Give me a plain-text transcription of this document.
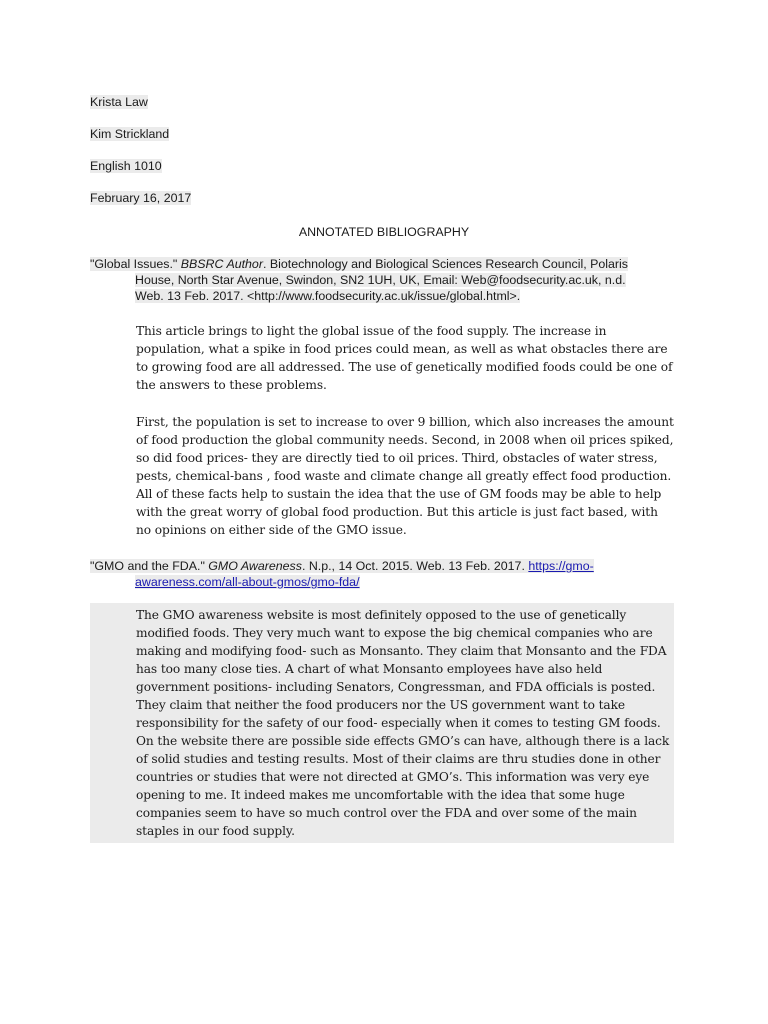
Krista Law
Kim Strickland
English 1010
February 16, 2017
ANNOTATED BIBLIOGRAPHY
"Global Issues." BBSRC Author. Biotechnology and Biological Sciences Research Council, Polaris
House, North Star Avenue, Swindon, SN2 1UH, UK, Email: Web@foodsecurity.ac.uk, n.d.
Web. 13 Feb. 2017. <http://www.foodsecurity.ac.uk/issue/global.html>.
This article brings to light the global issue of the food supply. The increase in population, what a spike in food prices could mean, as well as what obstacles there are to growing food are all addressed. The use of genetically modified foods could be one of the answers to these problems.
First, the population is set to increase to over 9 billion, which also increases the amount of food production the global community needs. Second, in 2008 when oil prices spiked, so did food prices- they are directly tied to oil prices. Third, obstacles of water stress, pests, chemical-bans , food waste and climate change all greatly effect food production. All of these facts help to sustain the idea that the use of GM foods may be able to help with the great worry of global food production. But this article is just fact based, with no opinions on either side of the GMO issue.
"GMO and the FDA." GMO Awareness. N.p., 14 Oct. 2015. Web. 13 Feb. 2017. https://gmo-
awareness.com/all-about-gmos/gmo-fda/
The GMO awareness website is most definitely opposed to the use of genetically modified foods. They very much want to expose the big chemical companies who are making and modifying food- such as Monsanto. They claim that Monsanto and the FDA has too many close ties. A chart of what Monsanto employees have also held government positions- including Senators, Congressman, and FDA officials is posted. They claim that neither the food producers nor the US government want to take responsibility for the safety of our food- especially when it comes to testing GM foods. On the website there are possible side effects GMO’s can have, although there is a lack of solid studies and testing results. Most of their claims are thru studies done in other countries or studies that were not directed at GMO’s. This information was very eye opening to me. It indeed makes me uncomfortable with the idea that some huge companies seem to have so much control over the FDA and over some of the main staples in our food supply.
